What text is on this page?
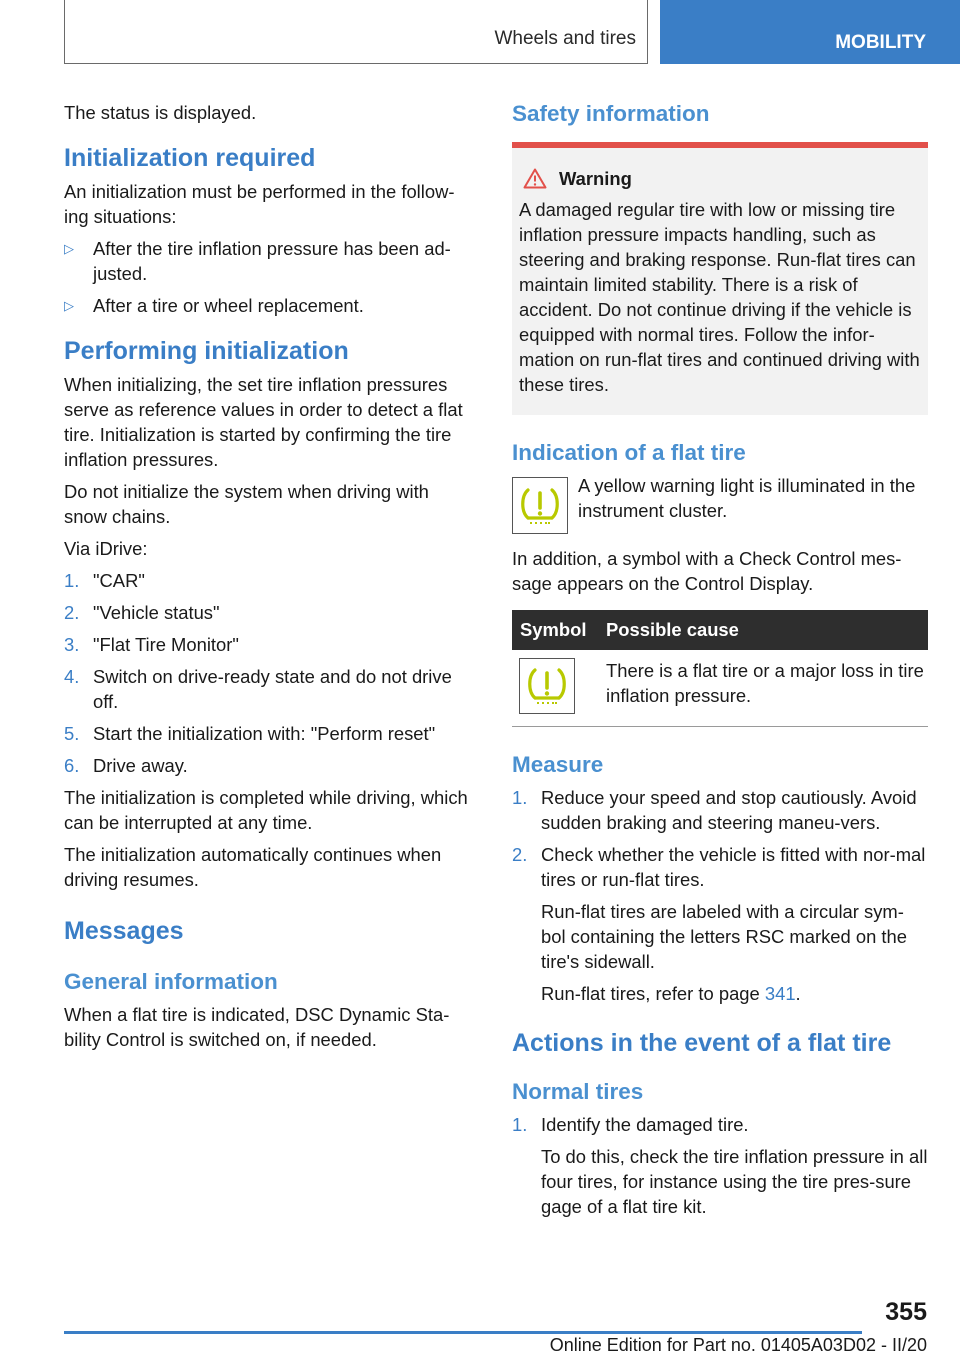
Wheels and tires	MOBILITY

The status is displayed.

Initialization required

An initialization must be performed in the follow-ing situations:

▷	After the tire inflation pressure has been ad-justed.
▷	After a tire or wheel replacement.
Performing initialization

When initializing, the set tire inflation pressures serve as reference values in order to detect a flat tire. Initialization is started by confirming the tire inflation pressures.

Do not initialize the system when driving with snow chains.

Via iDrive:

1. "CAR"
2. "Vehicle status"
3. "Flat Tire Monitor"
4. Switch on drive-ready state and do not drive off.
5. Start the initialization with: "Perform reset"
6. Drive away.

The initialization is completed while driving, which can be interrupted at any time.

The initialization automatically continues when driving resumes.

Messages
General information

When a flat tire is indicated, DSC Dynamic Sta-bility Control is switched on, if needed.

Safety information
Warning

A damaged regular tire with low or missing tire inflation pressure impacts handling, such as steering and braking response. Run-flat tires can maintain limited stability. There is a risk of accident. Do not continue driving if the vehicle is equipped with normal tires. Follow the infor-mation on run-flat tires and continued driving with these tires.

Indication of a flat tire

A yellow warning light is illuminated in the instrument cluster.

In addition, a symbol with a Check Control mes-sage appears on the Control Display.

Symbol	Possible cause

There is a flat tire or a major loss in tire inflation pressure.

Measure
1. Reduce your speed and stop cautiously. Avoid sudden braking and steering maneu-vers.
2. Check whether the vehicle is fitted with nor-mal tires or run-flat tires.

Run-flat tires are labeled with a circular sym-bol containing the letters RSC marked on the tire's sidewall.

Run-flat tires, refer to page 341.

Actions in the event of a flat tire
Normal tires
1. Identify the damaged tire.

To do this, check the tire inflation pressure in all four tires, for instance using the tire pres-sure gage of a flat tire kit.

355
Online Edition for Part no. 01405A03D02 - II/20
